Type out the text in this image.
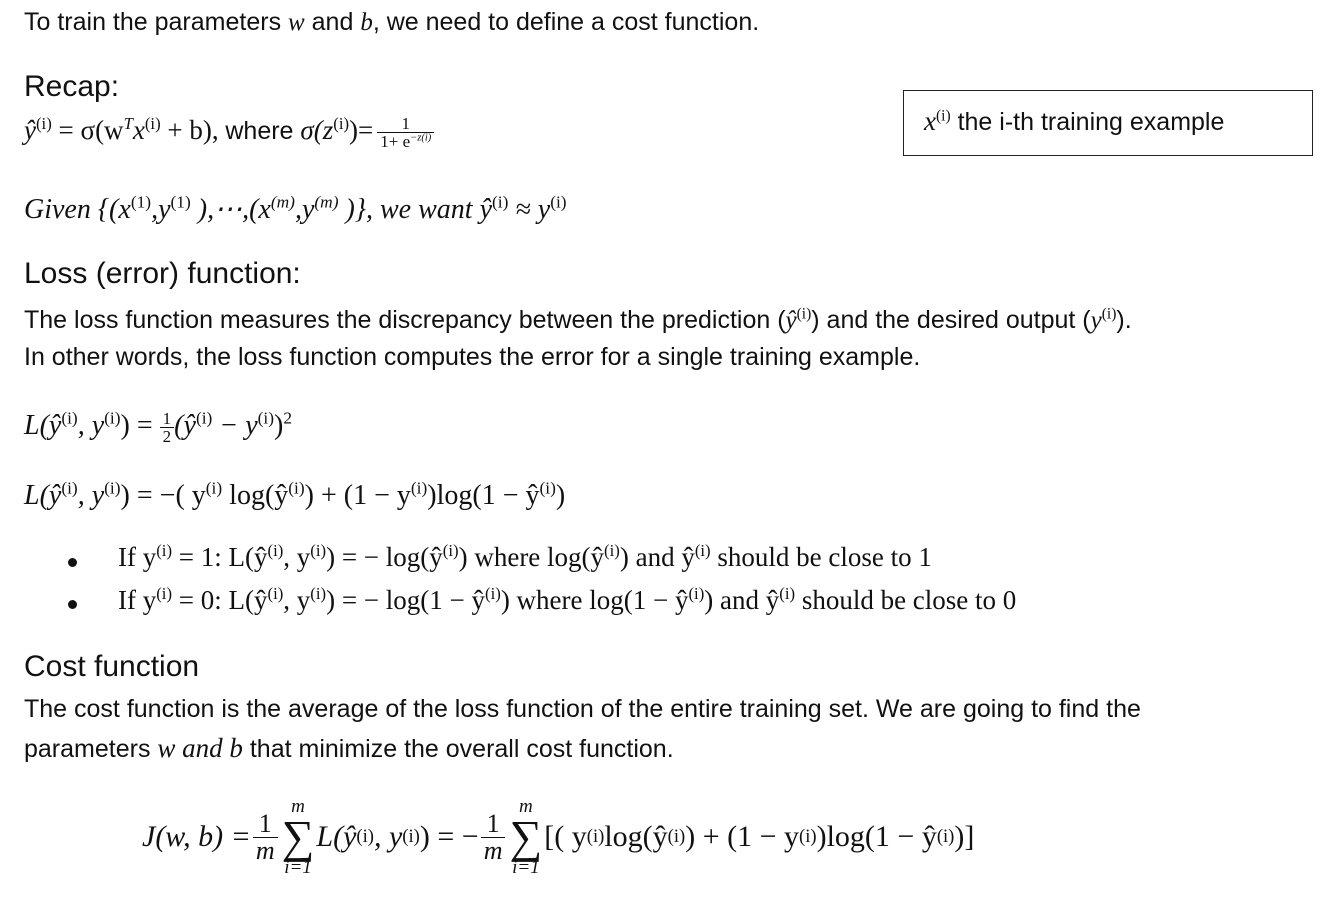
To train the parameters w and b, we need to define a cost function.
Recap:
$ŷ^{(i)} = \sigma(w^Tx^{(i)} + b)$, where $\sigma(z^{(i)})= \frac{1}{1+ e^{-z(i)}}$	$x^{(i)}$ the i-th training example
Given {($x^{(1)},y^{(1)}$ )$,\cdots,(x^{(m)},y^{(m)}$ )}, we want $ŷ^{(i)} \approx y^{(i)}$
Loss (error) function:
The loss function measures the discrepancy between the prediction $(ŷ^{(i)})$ and the desired output $(y^{(i)})$.
In other words, the loss function computes the error for a single training example.
$L(ŷ^{(i)}$, $y^{(i)}) = \frac{1}{2}$ $(ŷ^{(i)} - y^{(i)})^2$
$L(ŷ^{(i)}$, $y^{(i)}$) = −( $y^{(i)}$ $\log(ŷ^{(i)}) + (1 - y^{(i)})\log(1$ − $ŷ^{(i)}$)
If $y^{(i)} = 1$: $L(ŷ^{(i)}$, $y^{(i)}$) = − $\log(ŷ^{(i)})$ where $\log(ŷ^{(i)})$ and $ŷ^{(i)}$ should be close to 1
If $y^{(i)} = 0$: $L(ŷ^{(i)}$, $y^{(i)}$) = − $\log(1 - ŷ^{(i)})$ where $\log(1 - ŷ^{(i)})$ and $ŷ^{(i)}$ should be close to 0
Cost function
The cost function is the average of the loss function of the entire training set. We are going to find the
parameters w and b that minimize the overall cost function.
J(w, $b) = \frac{1}{m}$
m
∑
i=1
L(ŷ (i) , y (i) ) = − $\frac{1}{m}$
m
∑
i=1
[( y (i) log(ŷ (i) ) + (1 − y (i) )log(1 − ŷ (i) )]
